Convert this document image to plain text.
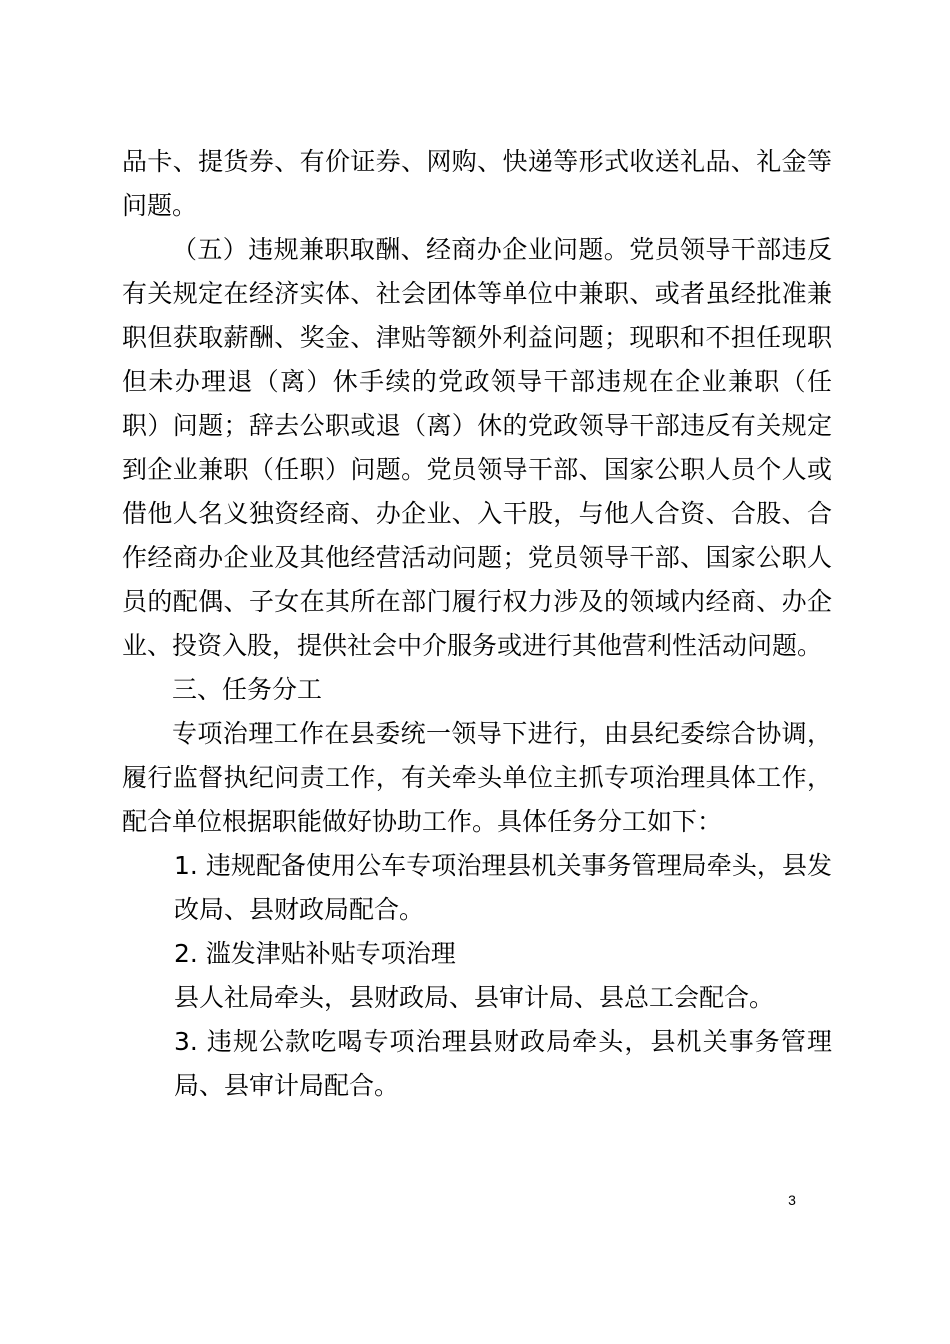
品卡、提货券、有价证券、网购、快递等形式收送礼品、礼金等问题。

（五）违规兼职取酬、经商办企业问题。党员领导干部违反有关规定在经济实体、社会团体等单位中兼职、或者虽经批准兼职但获取薪酬、奖金、津贴等额外利益问题；现职和不担任现职但未办理退（离）休手续的党政领导干部违规在企业兼职（任职）问题；辞去公职或退（离）休的党政领导干部违反有关规定到企业兼职（任职）问题。党员领导干部、国家公职人员个人或借他人名义独资经商、办企业、入干股，与他人合资、合股、合作经商办企业及其他经营活动问题；党员领导干部、国家公职人员的配偶、子女在其所在部门履行权力涉及的领域内经商、办企业、投资入股，提供社会中介服务或进行其他营利性活动问题。

三、任务分工

专项治理工作在县委统一领导下进行，由县纪委综合协调，履行监督执纪问责工作，有关牵头单位主抓专项治理具体工作，配合单位根据职能做好协助工作。具体任务分工如下：

1. 违规配备使用公车专项治理县机关事务管理局牵头，县发改局、县财政局配合。

2. 滥发津贴补贴专项治理

县人社局牵头，县财政局、县审计局、县总工会配合。

3. 违规公款吃喝专项治理县财政局牵头，县机关事务管理局、县审计局配合。

3
